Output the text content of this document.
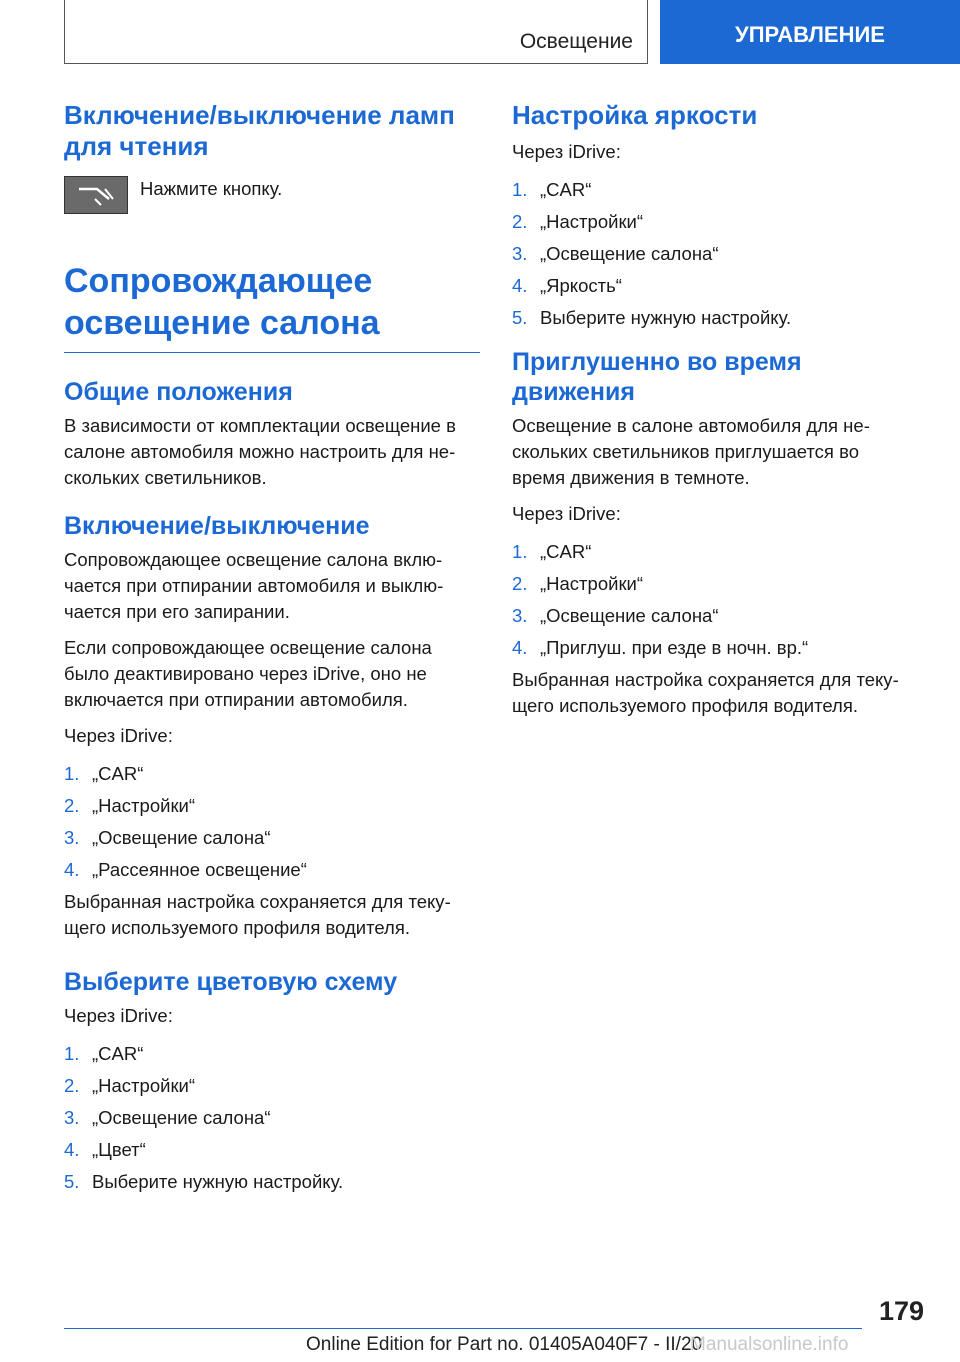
Освещение	УПРАВЛЕНИЕ
Включение/выключение ламп для чтения

Нажмите кнопку.

Сопровождающее освещение салона
Общие положения

В зависимости от комплектации освещение в салоне автомобиля можно настроить для нескольких светильников.

Включение/выключение

Сопровождающее освещение салона включается при отпирании автомобиля и выключается при его запирании.

Если сопровождающее освещение салона было деактивировано через iDrive, оно не включается при отпирании автомобиля.

Через iDrive:

1. „CAR“
2. „Настройки“
3. „Освещение салона“
4. „Рассеянное освещение“

Выбранная настройка сохраняется для текущего используемого профиля водителя.

Выберите цветовую схему

Через iDrive:

1. „CAR“
2. „Настройки“
3. „Освещение салона“
4. „Цвет“
5. Выберите нужную настройку.
Настройка яркости

Через iDrive:

1. „CAR“
2. „Настройки“
3. „Освещение салона“
4. „Яркость“
5. Выберите нужную настройку.
Приглушенно во время движения

Освещение в салоне автомобиля для нескольких светильников приглушается во время движения в темноте.

Через iDrive:

1. „CAR“
2. „Настройки“
3. „Освещение салона“
4. „Приглуш. при езде в ночн. вр.“

Выбранная настройка сохраняется для текущего используемого профиля водителя.

179
Online Edition for Part no. 01405A040F7 - II/20
Manualsonline.info
